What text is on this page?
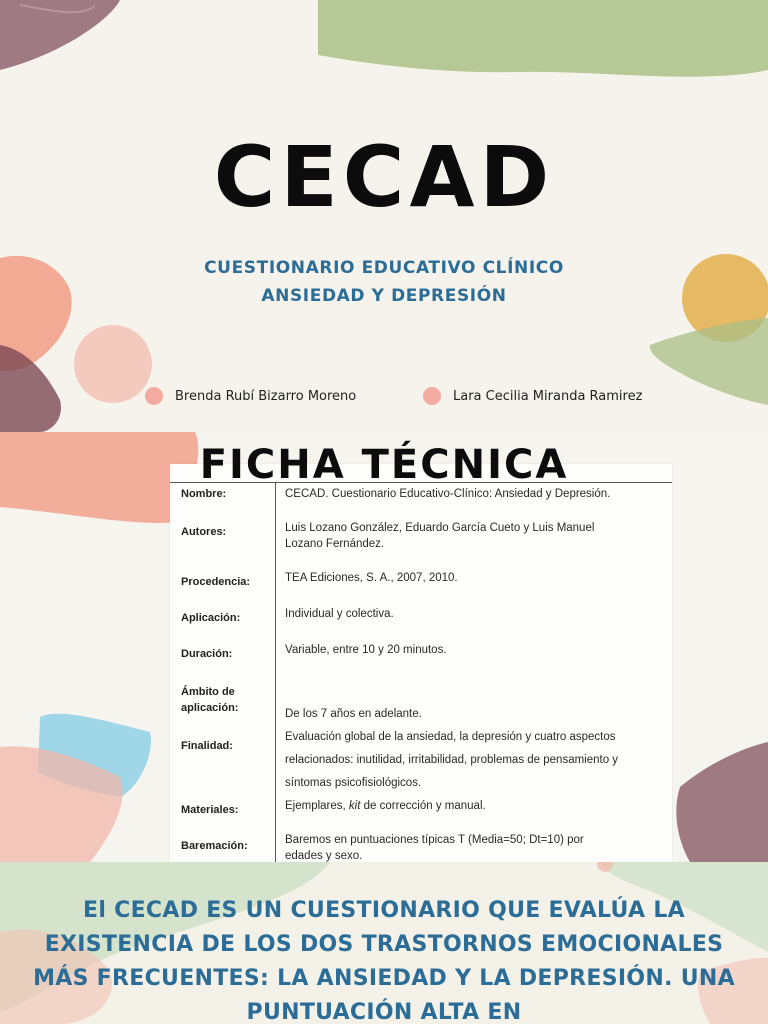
CECAD

CUESTIONARIO EDUCATIVO CLÍNICO
ANSIEDAD Y DEPRESIÓN

Brenda Rubí Bizarro Moreno	Lara Cecilia Miranda Ramirez
FICHA TÉCNICA
Nombre:	CECAD. Cuestionario Educativo-Clínico: Ansiedad y Depresión.
Autores:	Luis Lozano González, Eduardo García Cueto y Luis Manuel Lozano Fernández.
Procedencia:	TEA Ediciones, S. A., 2007, 2010.
Aplicación:	Individual y colectiva.
Duración:	Variable, entre 10 y 20 minutos.
Ámbito de aplicación:	De los 7 años en adelante.
Finalidad:
Evaluación global de la ansiedad, la depresión y cuatro aspectos relacionados: inutilidad, irritabilidad, problemas de pensamiento y síntomas psicofisiológicos.
Materiales:	Ejemplares, kit de corrección y manual.
Baremación:	Baremos en puntuaciones típicas T (Media=50; Dt=10) por edades y sexo.

El CECAD ES UN CUESTIONARIO QUE EVALÚA LA EXISTENCIA DE LOS DOS TRASTORNOS EMOCIONALES MÁS FRECUENTES: LA ANSIEDAD Y LA DEPRESIÓN. UNA PUNTUACIÓN ALTA EN
